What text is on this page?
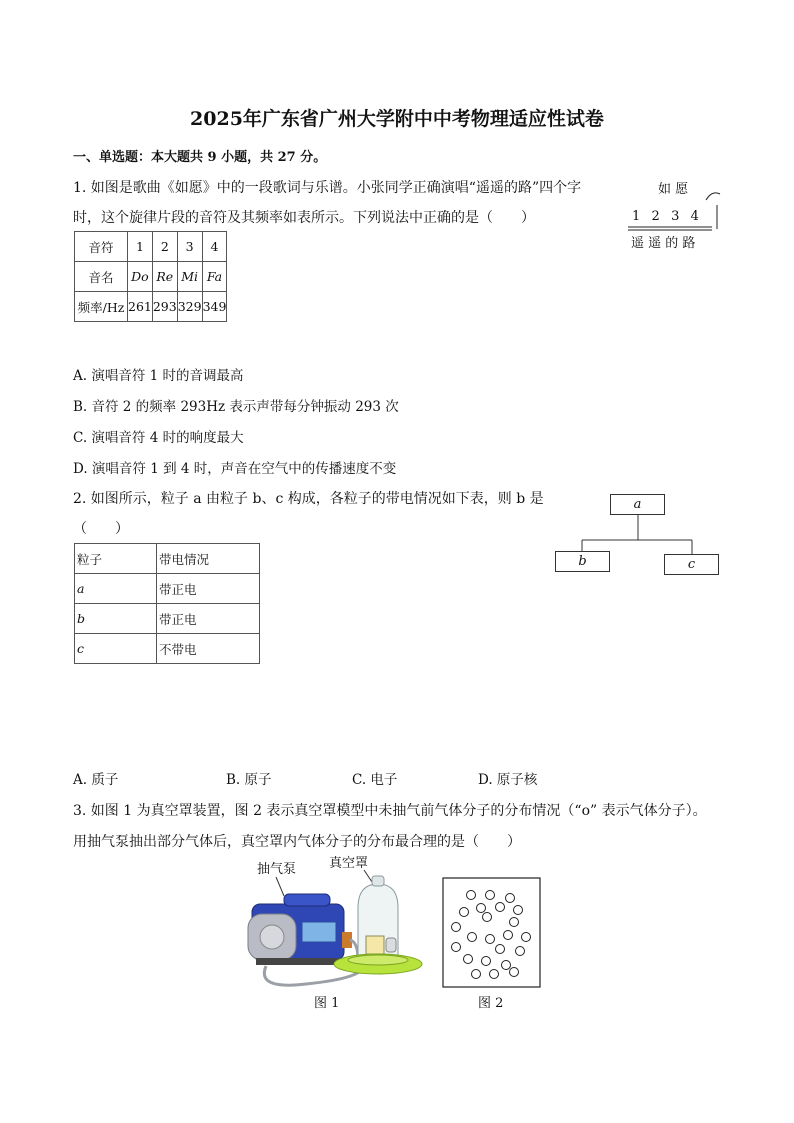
2025年广东省广州大学附中中考物理适应性试卷
一、单选题：本大题共 9 小题，共 27 分。
1. 如图是歌曲《如愿》中的一段歌词与乐谱。小张同学正确演唱“遥遥的路”四个字
时，这个旋律片段的音符及其频率如表所示。下列说法中正确的是（　　）
如 愿
1  2  3  4
遥 遥 的 路
音符	1	2	3	4
音名	Do	Re	Mi	Fa
频率/Hz	261	293	329	349
A. 演唱音符 1 时的音调最高
B. 音符 2 的频率 293Hz 表示声带每分钟振动 293 次
C. 演唱音符 4 时的响度最大
D. 演唱音符 1 到 4 时，声音在空气中的传播速度不变
2. 如图所示，粒子 a 由粒子 b、c 构成，各粒子的带电情况如下表，则 b 是
（　　）
a
b	c
粒子	带电情况
a	带正电
b	带正电
c	不带电
A. 质子	B. 原子	C. 电子	D. 原子核
3. 如图 1 为真空罩装置，图 2 表示真空罩模型中未抽气前气体分子的分布情况（“o” 表示气体分子）。
用抽气泵抽出部分气体后，真空罩内气体分子的分布最合理的是（　　）
抽气泵	真空罩
图 1	图 2
